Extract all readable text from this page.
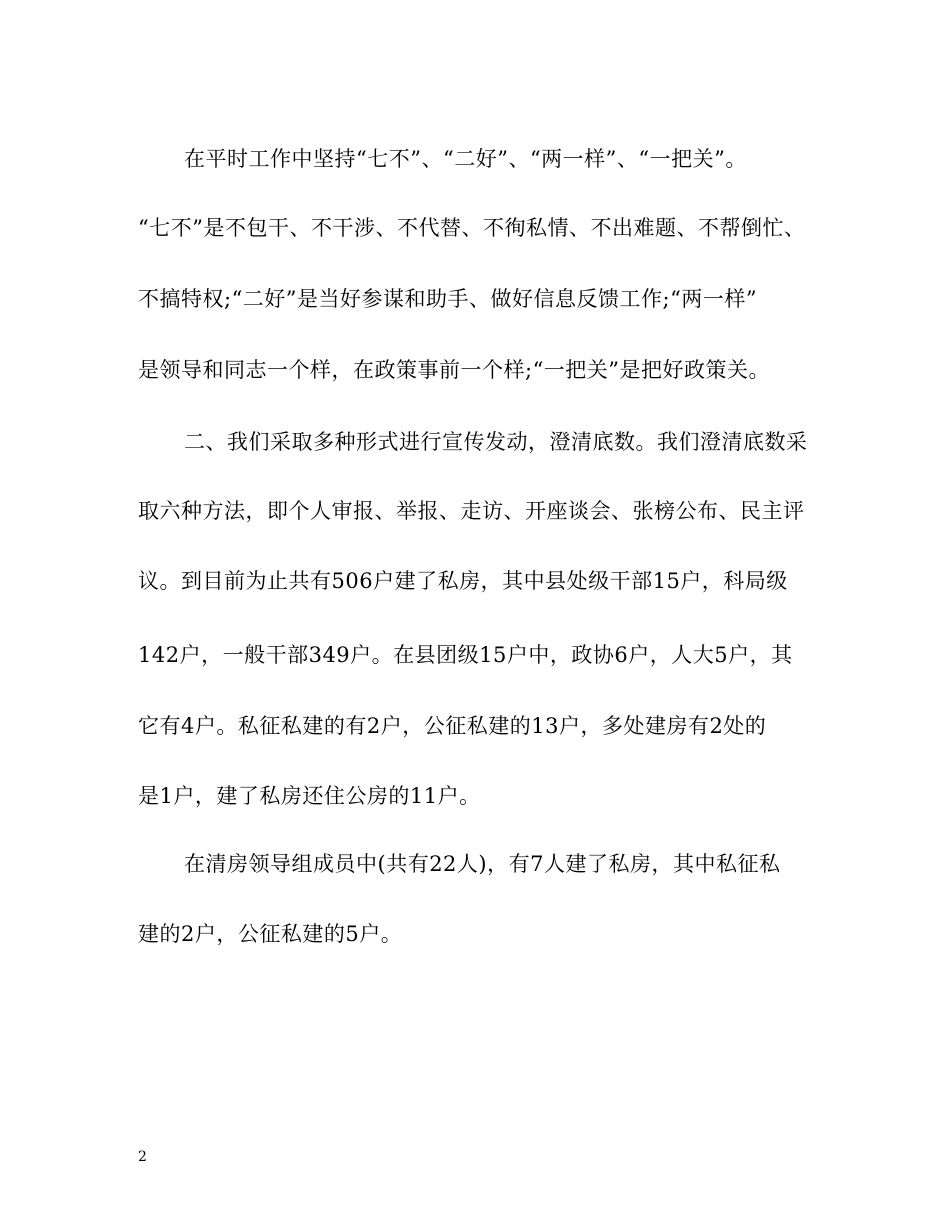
在平时工作中坚持“七不”、“二好”、“两一样”、“一把关”。
“七不”是不包干、不干涉、不代替、不徇私情、不出难题、不帮倒忙、
不搞特权;“二好”是当好参谋和助手、做好信息反馈工作;“两一样”
是领导和同志一个样，在政策事前一个样;“一把关”是把好政策关。
二、我们采取多种形式进行宣传发动，澄清底数。我们澄清底数采
取六种方法，即个人审报、举报、走访、开座谈会、张榜公布、民主评
议。到目前为止共有506户建了私房，其中县处级干部15户，科局级
142户，一般干部349户。在县团级15户中，政协6户，人大5户，其
它有4户。私征私建的有2户，公征私建的13户，多处建房有2处的
是1户，建了私房还住公房的11户。
在清房领导组成员中(共有22人)，有7人建了私房，其中私征私
建的2户，公征私建的5户。
2
